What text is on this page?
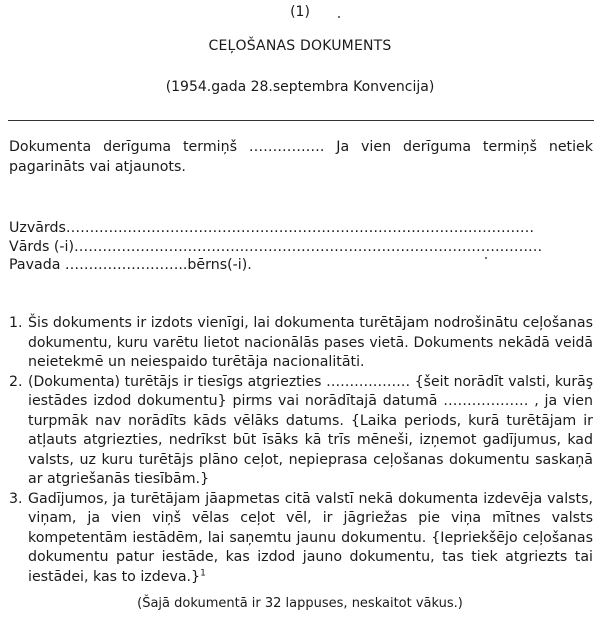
(1)
CEĻOŠANAS DOKUMENTS
(1954.gada 28.septembra Konvencija)
Dokumenta derīguma termiņš ……………. Ja vien derīguma termiņš netiek
pagarināts vai atjaunots.
Uzvārds………………………………………………………………………………………
Vārds (-i)………………………………………………………………………………………
Pavada ……………………..bērns(-i).
1. Šis dokuments ir izdots vienīgi, lai dokumenta turētājam nodrošinātu ceļošanas
dokumentu, kuru varētu lietot nacionālās pases vietā. Dokuments nekādā veidā
neietekmē un neiespaido turētāja nacionalitāti.
2. (Dokumenta) turētājs ir tiesīgs atgriezties ……………… {šeit norādīt valsti, kurāş
iestādes izdod dokumentu} pirms vai norādītajā datumā ……………… , ja vien
turpmāk nav norādīts kāds vēlāks datums. {Laika periods, kurā turētājam ir
atļauts atgriezties, nedrīkst būt īsāks kā trīs mēneši, izņemot gadījumus, kad
valsts, uz kuru turētājs plāno ceļot, nepieprasa ceļošanas dokumentu saskaņā
ar atgriešanās tiesībām.}
3. Gadījumos, ja turētājam jāapmetas citā valstī nekā dokumenta izdevēja valsts,
viņam, ja vien viņš vēlas ceļot vēl, ir jāgriežas pie viņa mītnes valsts
kompetentām iestādēm, lai saņemtu jaunu dokumentu. {Iepriekšējo ceļošanas
dokumentu patur iestāde, kas izdod jauno dokumentu, tas tiek atgriezts tai
iestādei, kas to izdeva.}$^1$
(Šajā dokumentā ir 32 lappuses, neskaitot vākus.)
